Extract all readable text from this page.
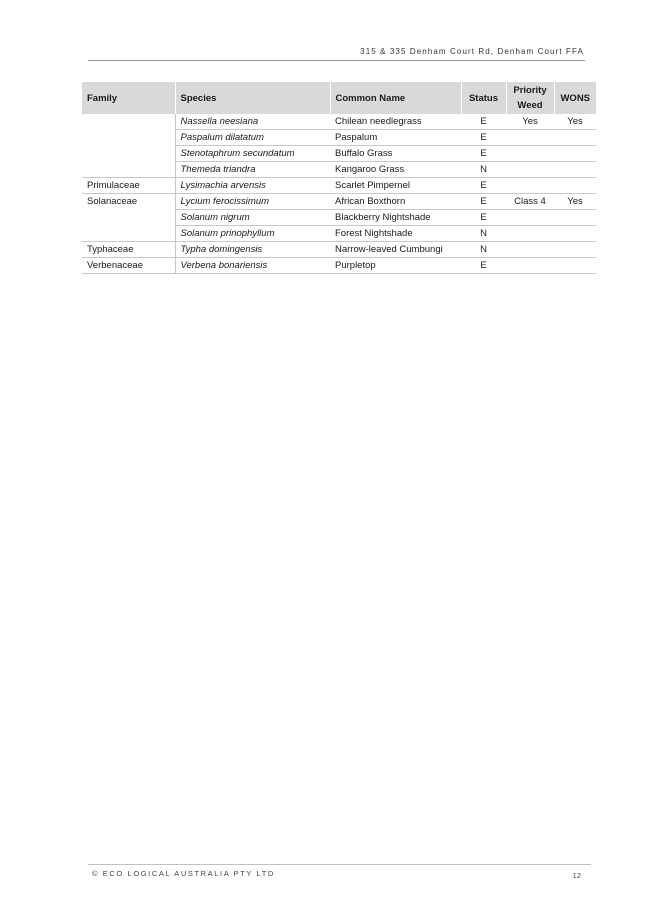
315 & 335 Denham Court Rd, Denham Court FFA
Family	Species	Common Name	Status	Priority Weed	WONS
	Nassella neesiana	Chilean needlegrass	E	Yes	Yes
	Paspalum dilatatum	Paspalum	E		
	Stenotaphrum secundatum	Buffalo Grass	E		
	Themeda triandra	Kangaroo Grass	N		
Primulaceae	Lysimachia arvensis	Scarlet Pimpernel	E		
Solanaceae	Lycium ferocissimum	African Boxthorn	E	Class 4	Yes
	Solanum nigrum	Blackberry Nightshade	E		
	Solanum prinophyllum	Forest Nightshade	N		
Typhaceae	Typha domingensis	Narrow-leaved Cumbungi	N		
Verbenaceae	Verbena bonariensis	Purpletop	E		
© ECO LOGICAL AUSTRALIA PTY LTD	12
